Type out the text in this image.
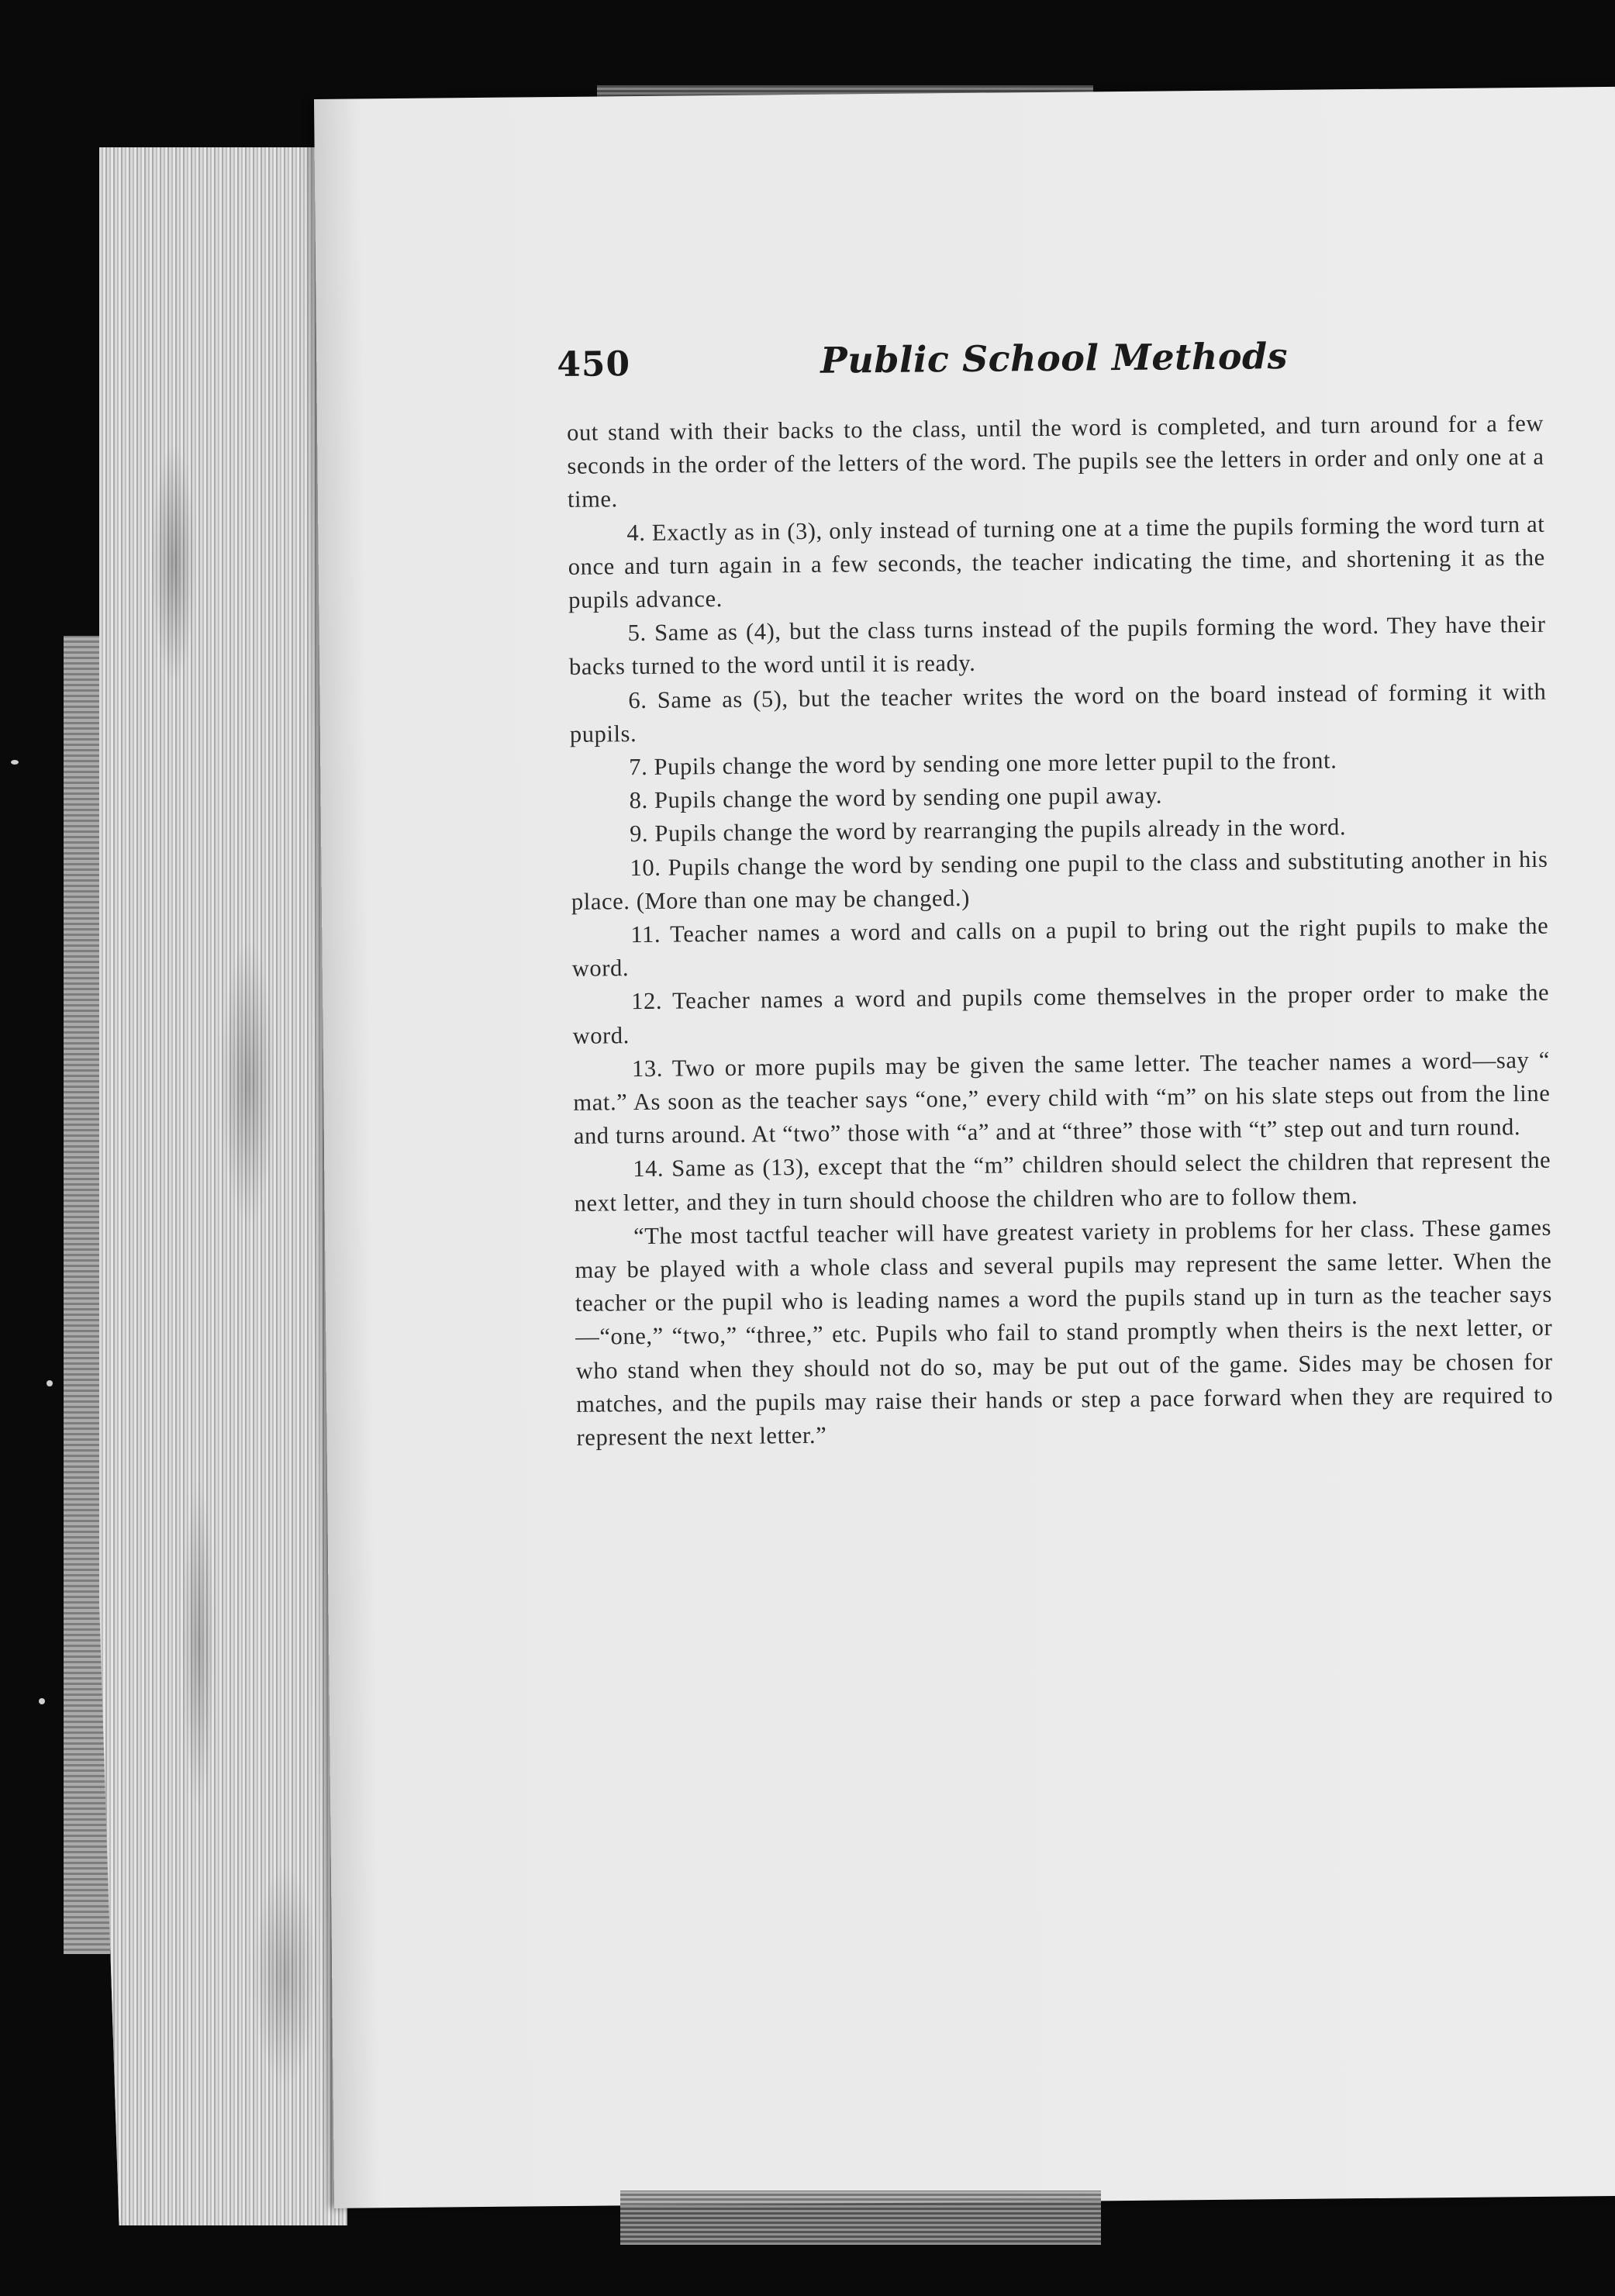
450	Public School Methods

out stand with their backs to the class, until the word is completed, and turn around for a few seconds in the order of the letters of the word. The pupils see the letters in order and only one at a time.

4. Exactly as in (3), only instead of turning one at a time the pupils forming the word turn at once and turn again in a few seconds, the teacher indicating the time, and shortening it as the pupils advance.

5. Same as (4), but the class turns instead of the pupils forming the word. They have their backs turned to the word until it is ready.

6. Same as (5), but the teacher writes the word on the board instead of forming it with pupils.

7. Pupils change the word by sending one more letter pupil to the front.

8. Pupils change the word by sending one pupil away.

9. Pupils change the word by rearranging the pupils already in the word.

10. Pupils change the word by sending one pupil to the class and substituting another in his place. (More than one may be changed.)

11. Teacher names a word and calls on a pupil to bring out the right pupils to make the word.

12. Teacher names a word and pupils come themselves in the proper order to make the word.

13. Two or more pupils may be given the same letter. The teacher names a word—say “ mat.” As soon as the teacher says “one,” every child with “m” on his slate steps out from the line and turns around. At “two” those with “a” and at “three” those with “t” step out and turn round.

14. Same as (13), except that the “m” children should select the children that represent the next letter, and they in turn should choose the children who are to follow them.

“The most tactful teacher will have greatest variety in problems for her class. These games may be played with a whole class and several pupils may represent the same letter. When the teacher or the pupil who is leading names a word the pupils stand up in turn as the teacher says—“one,” “two,” “three,” etc. Pupils who fail to stand promptly when theirs is the next letter, or who stand when they should not do so, may be put out of the game. Sides may be chosen for matches, and the pupils may raise their hands or step a pace forward when they are required to represent the next letter.”
